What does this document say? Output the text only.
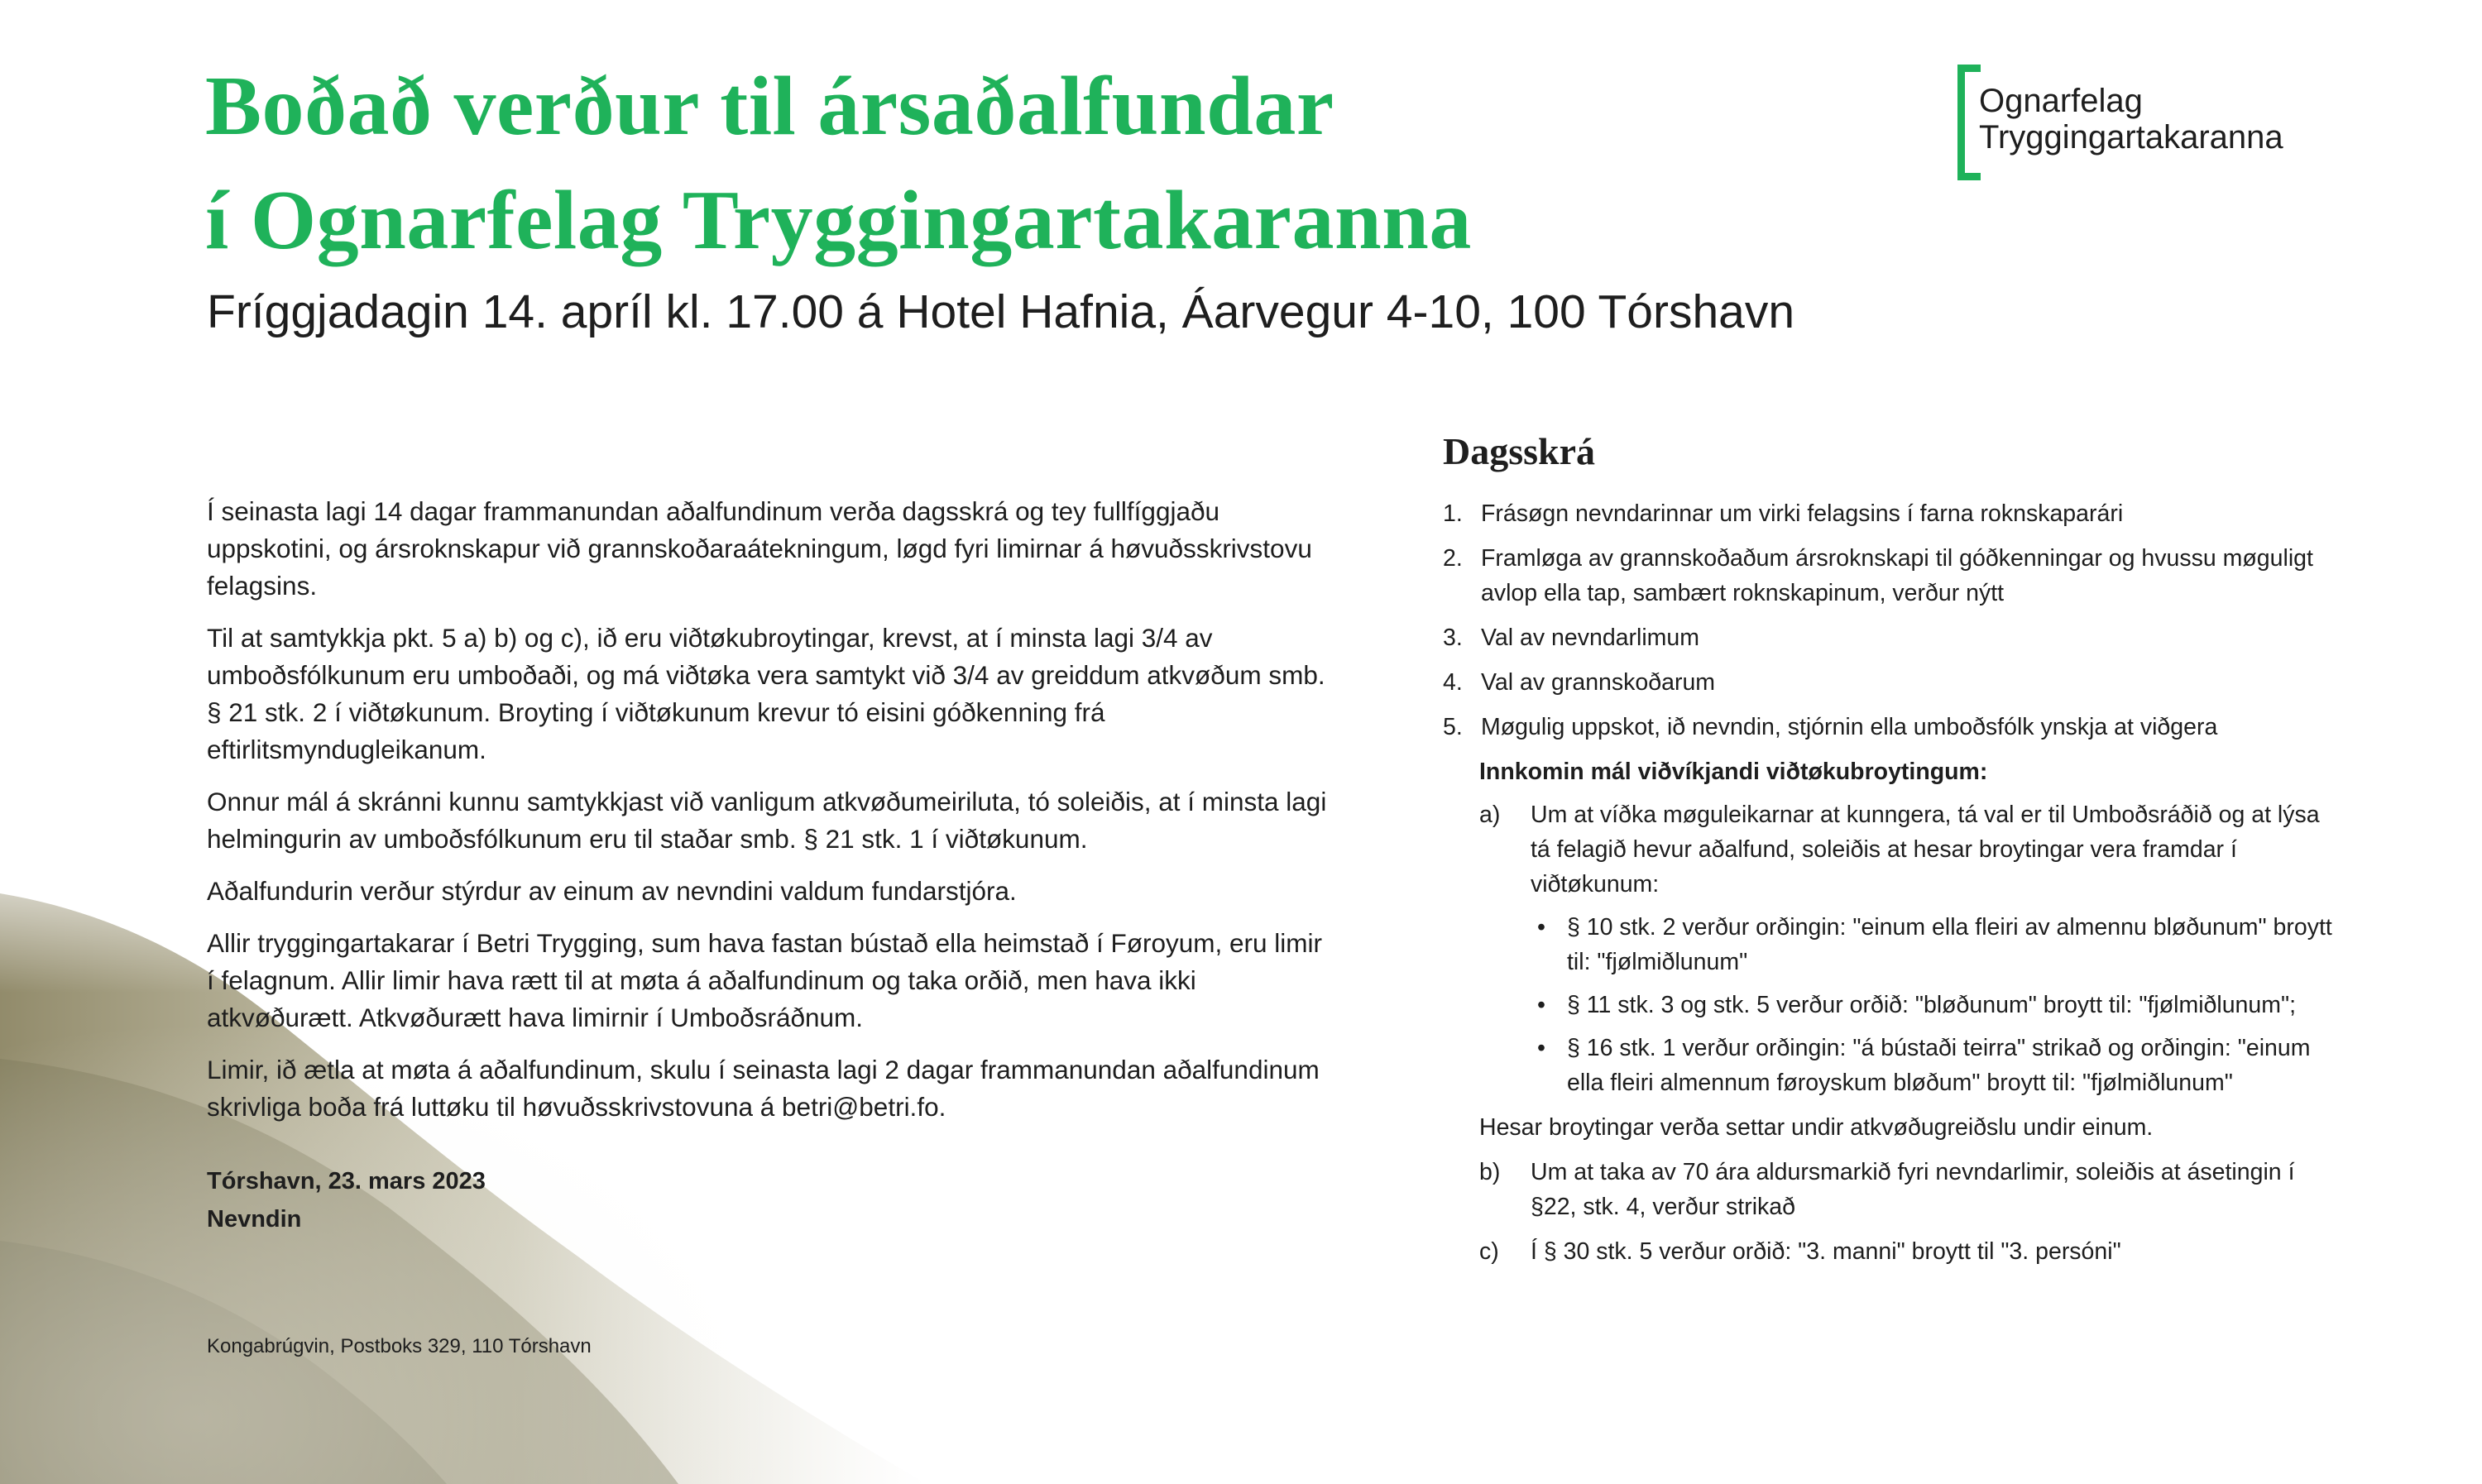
Boðað verður til ársaðalfundar
í Ognarfelag Tryggingartakaranna
Fríggjadagin 14. apríl kl. 17.00 á Hotel Hafnia, Áarvegur 4-10, 100 Tórshavn
Ognarfelag
Tryggingartakaranna

Í seinasta lagi 14 dagar frammanundan aðalfundinum verða dagsskrá og tey fullfíggjaðu uppskotini, og ársroknskapur við grannskoðaraátekningum, løgd fyri limirnar á høvuðsskrivstovu felagsins.

Til at samtykkja pkt. 5 a) b) og c), ið eru viðtøkubroytingar, krevst, at í minsta lagi 3/4 av umboðsfólkunum eru umboðaði, og má viðtøka vera samtykt við 3/4 av greiddum atkvøðum smb. § 21 stk. 2 í viðtøkunum. Broyting í viðtøkunum krevur tó eisini góðkenning frá eftirlitsmyndugleikanum.

Onnur mál á skránni kunnu samtykkjast við vanligum atkvøðumeiriluta, tó soleiðis, at í minsta lagi helmingurin av umboðsfólkunum eru til staðar smb. § 21 stk. 1 í viðtøkunum.

Aðalfundurin verður stýrdur av einum av nevndini valdum fundarstjóra.

Allir tryggingartakarar í Betri Trygging, sum hava fastan bústað ella heimstað í Føroyum, eru limir í felagnum. Allir limir hava rætt til at møta á aðalfundinum og taka orðið, men hava ikki atkvøðurætt. Atkvøðurætt hava limirnir í Umboðsráðnum.

Limir, ið ætla at møta á aðalfundinum, skulu í seinasta lagi 2 dagar frammanundan aðalfundinum skrivliga boða frá luttøku til høvuðsskrivstovuna á betri@betri.fo.

Tórshavn, 23. mars 2023
Nevndin
Kongabrúgvin, Postboks 329, 110 Tórshavn
Dagsskrá
1. Frásøgn nevndarinnar um virki felagsins í farna roknskaparári
2. Framløga av grannskoðaðum ársroknskapi til góðkenningar og hvussu møguligt avlop ella tap, sambært roknskapinum, verður nýtt
3. Val av nevndarlimum
4. Val av grannskoðarum
5. Møgulig uppskot, ið nevndin, stjórnin ella umboðsfólk ynskja at viðgera
Innkomin mál viðvíkjandi viðtøkubroytingum:
a) Um at víðka møguleikarnar at kunngera, tá val er til Umboðsráðið og at lýsa tá felagið hevur aðalfund, soleiðis at hesar broytingar vera framdar í viðtøkunum:
• § 10 stk. 2 verður orðingin: "einum ella fleiri av almennu bløðunum" broytt til: "fjølmiðlunum"
• § 11 stk. 3 og stk. 5 verður orðið: "bløðunum" broytt til: "fjølmiðlunum";
• § 16 stk. 1 verður orðingin: "á bústaði teirra" strikað og orðingin: "einum ella fleiri almennum føroyskum bløðum" broytt til: "fjølmiðlunum"
Hesar broytingar verða settar undir atkvøðugreiðslu undir einum.
b) Um at taka av 70 ára aldursmarkið fyri nevndarlimir, soleiðis at ásetingin í §22, stk. 4, verður strikað
c) Í § 30 stk. 5 verður orðið: "3. manni" broytt til "3. persóni"
